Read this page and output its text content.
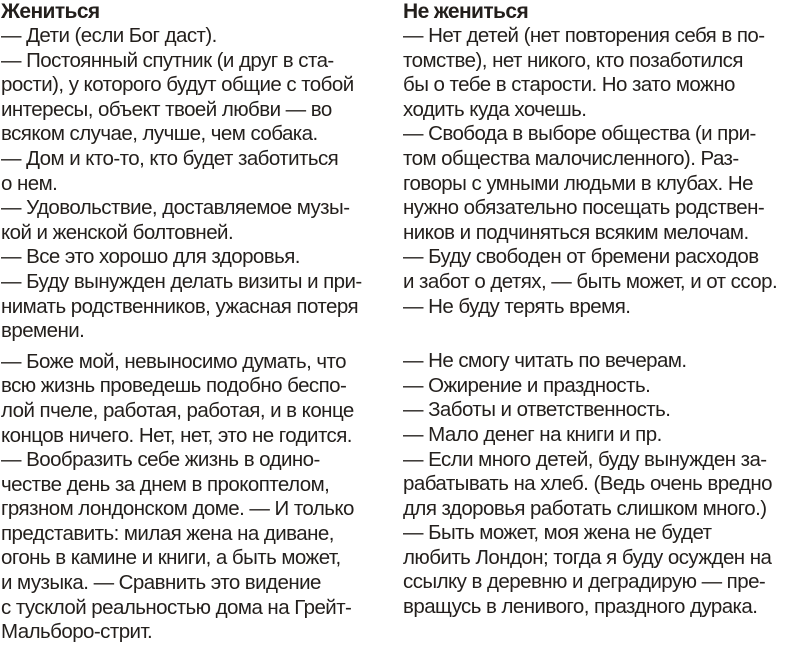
Жениться
— Дети (если Бог даст).
— Постоянный спутник (и друг в ста-
рости), у которого будут общие с тобой
интересы, объект твоей любви — во
всяком случае, лучше, чем собака.
— Дом и кто-то, кто будет заботиться
о нем.
— Удовольствие, доставляемое музы-
кой и женской болтовней.
— Все это хорошо для здоровья.
— Буду вынужден делать визиты и при-
нимать родственников, ужасная потеря
времени.
— Боже мой, невыносимо думать, что
всю жизнь проведешь подобно беспо-
лой пчеле, работая, работая, и в конце
концов ничего. Нет, нет, это не годится.
— Вообразить себе жизнь в одино-
честве день за днем в прокоптелом,
грязном лондонском доме. — И только
представить: милая жена на диване,
огонь в камине и книги, а быть может,
и музыка. — Сравнить это видение
с тусклой реальностью дома на Грейт-
Мальборо-стрит.
Не жениться
— Нет детей (нет повторения себя в по-
томстве), нет никого, кто позаботился
бы о тебе в старости. Но зато можно
ходить куда хочешь.
— Свобода в выборе общества (и при-
том общества малочисленного). Раз-
говоры с умными людьми в клубах. Не
нужно обязательно посещать родствен-
ников и подчиняться всяким мелочам.
— Буду свободен от бремени расходов
и забот о детях, — быть может, и от ссор.
— Не буду терять время.
— Не смогу читать по вечерам.
— Ожирение и праздность.
— Заботы и ответственность.
— Мало денег на книги и пр.
— Если много детей, буду вынужден за-
рабатывать на хлеб. (Ведь очень вредно
для здоровья работать слишком много.)
— Быть может, моя жена не будет
любить Лондон; тогда я буду осужден на
ссылку в деревню и деградирую — пре-
вращусь в ленивого, праздного дурака.
